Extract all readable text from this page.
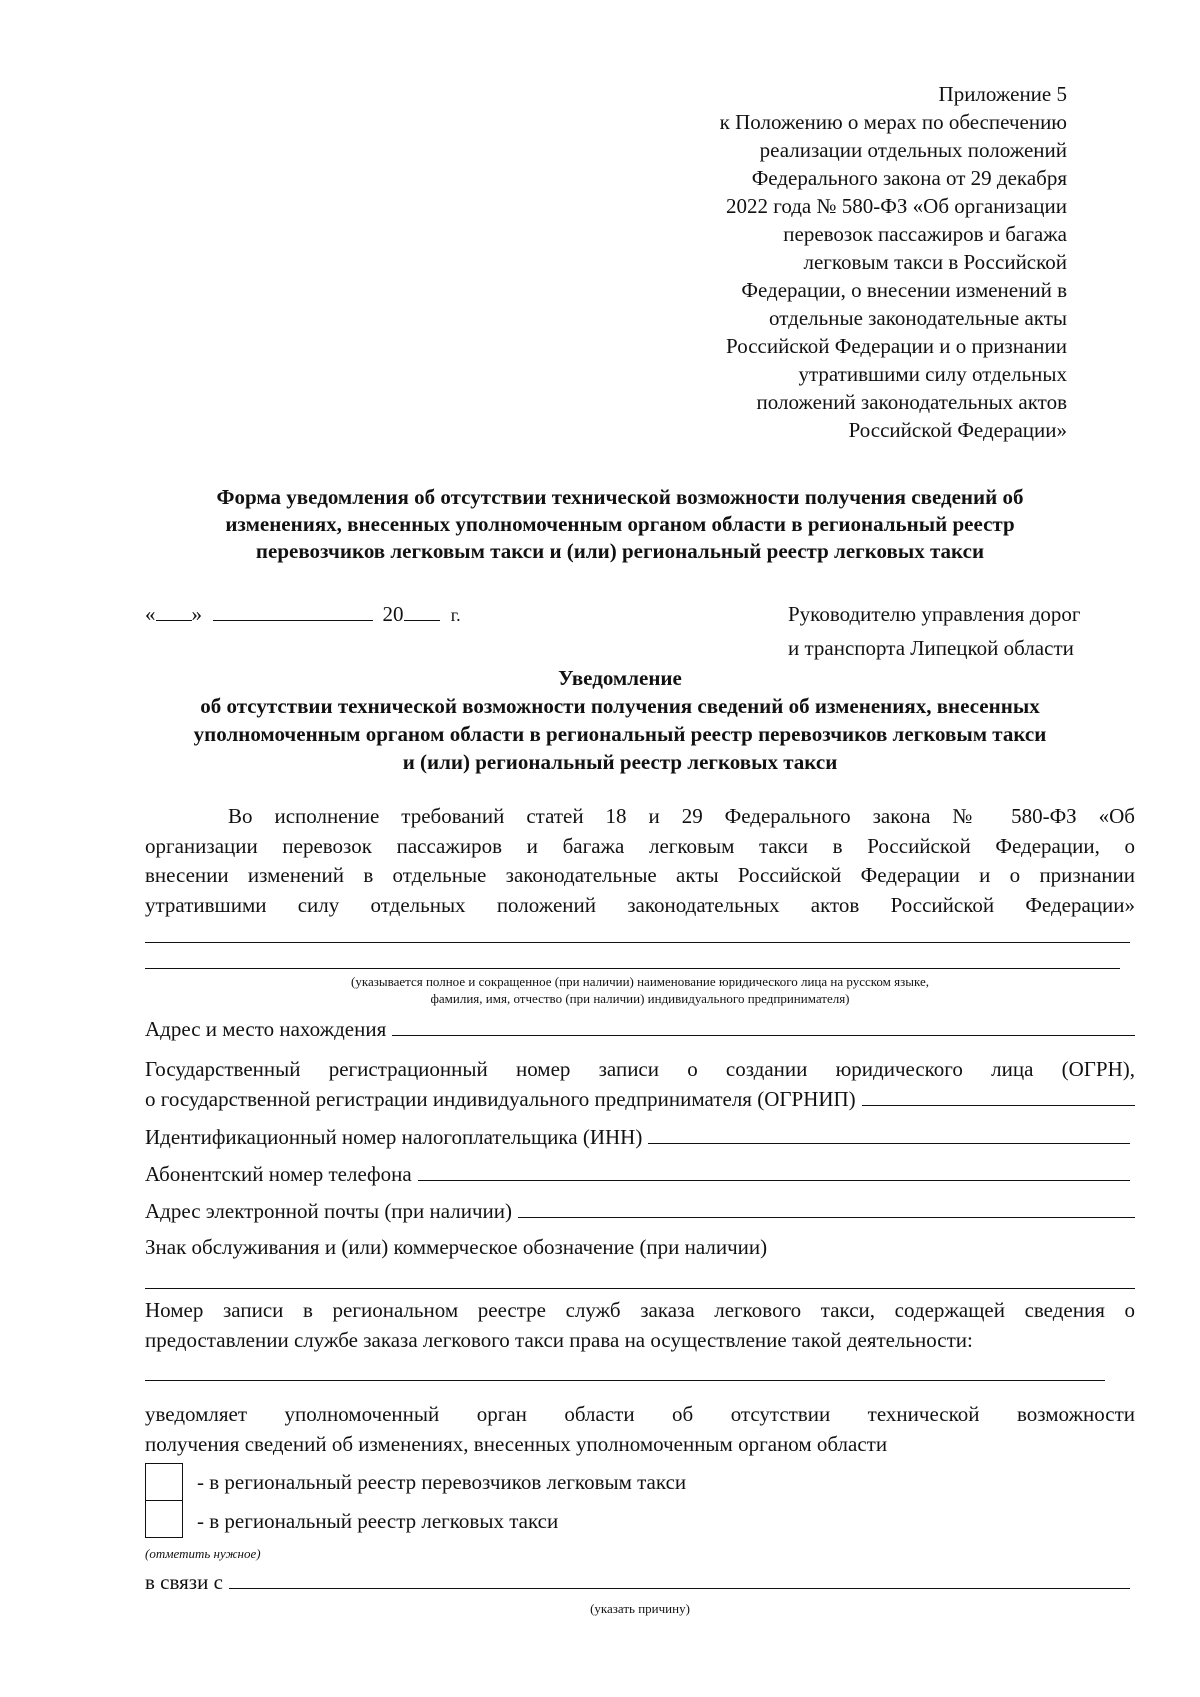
Приложение 5
к Положению о мерах по обеспечению
реализации отдельных положений
Федерального закона от 29 декабря
2022 года № 580-ФЗ «Об организации
перевозок пассажиров и багажа
легковым такси в Российской
Федерации, о внесении изменений в
отдельные законодательные акты
Российской Федерации и о признании
утратившими силу отдельных
положений законодательных актов
Российской Федерации»
Форма уведомления об отсутствии технической возможности получения сведений об
изменениях, внесенных уполномоченным органом области в региональный реестр
перевозчиков легковым такси и (или) региональный реестр легковых такси
« »	20	г.	Руководителю управления дорог
и транспорта Липецкой области
Уведомление
об отсутствии технической возможности получения сведений об изменениях, внесенных
уполномоченным органом области в региональный реестр перевозчиков легковым такси
и (или) региональный реестр легковых такси
Во исполнение требований статей 18 и 29 Федерального закона № 580-ФЗ «Об
организации перевозок пассажиров и багажа легковым такси в Российской Федерации, о
внесении изменений в отдельные законодательные акты Российской Федерации и о признании
утратившими силу отдельных положений законодательных актов Российской Федерации»
(указывается полное и сокращенное (при наличии) наименование юридического лица на русском языке,
фамилия, имя, отчество (при наличии) индивидуального предпринимателя)
Адрес и место нахождения
Государственный регистрационный номер записи о создании юридического лица (ОГРН),
о государственной регистрации индивидуального предпринимателя (ОГРНИП)
Идентификационный номер налогоплательщика (ИНН)
Абонентский номер телефона
Адрес электронной почты (при наличии)
Знак обслуживания и (или) коммерческое обозначение (при наличии)
Номер записи в региональном реестре служб заказа легкового такси, содержащей сведения о
предоставлении службе заказа легкового такси права на осуществление такой деятельности:
уведомляет уполномоченный орган области об отсутствии технической возможности
получения сведений об изменениях, внесенных уполномоченным органом области
- в региональный реестр перевозчиков легковым такси
- в региональный реестр легковых такси
(отметить нужное)
в связи с
(указать причину)
